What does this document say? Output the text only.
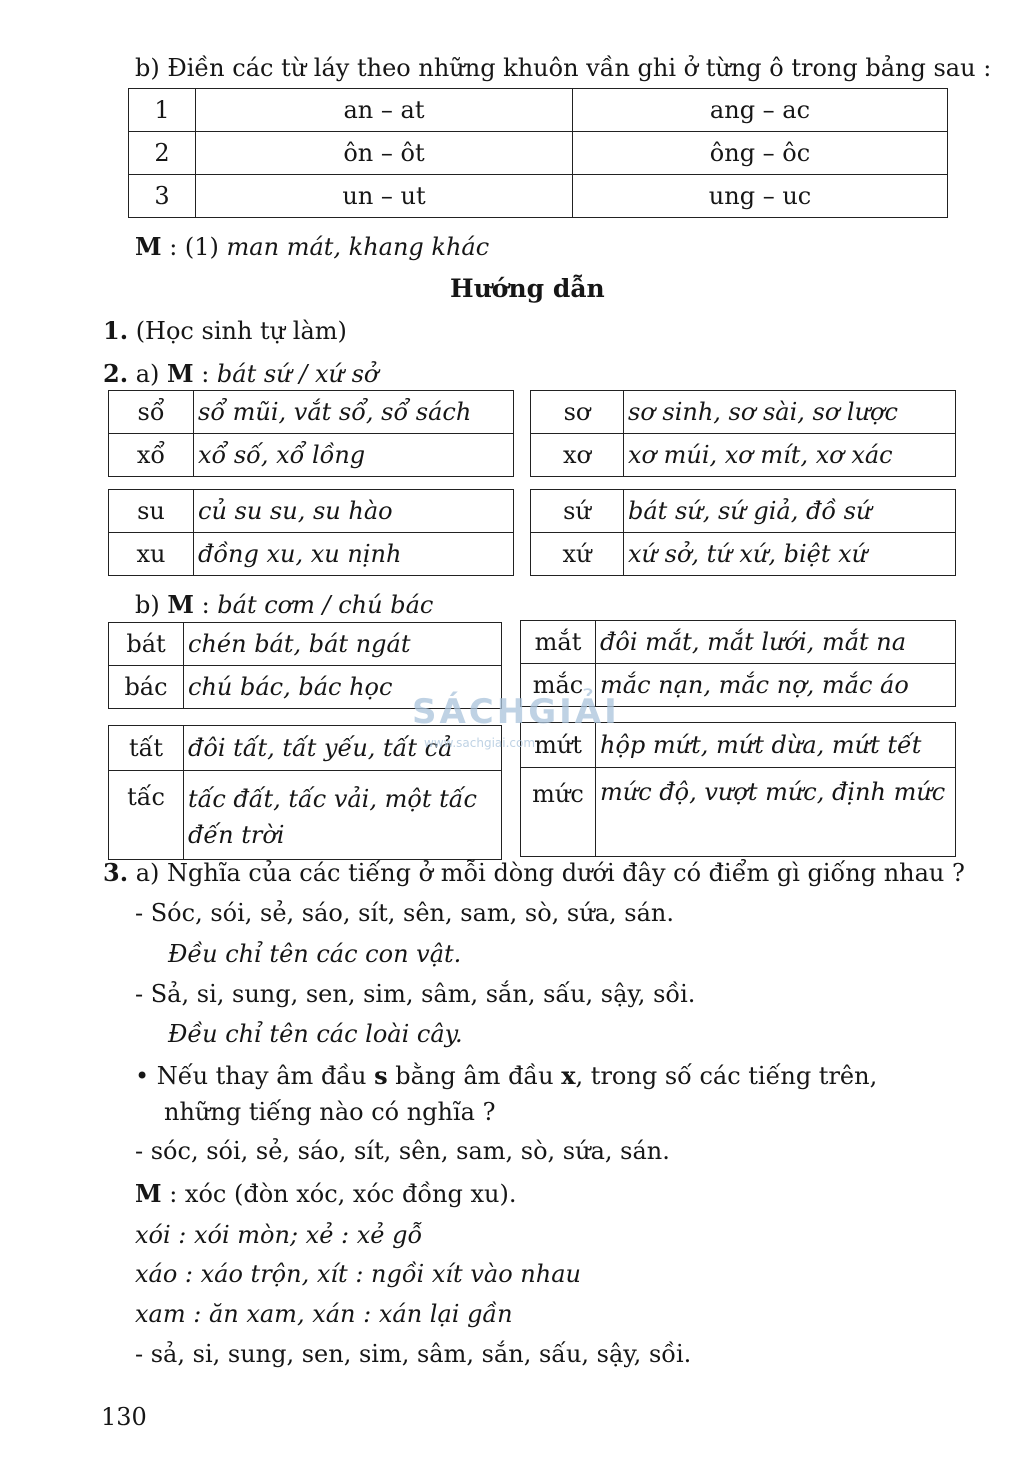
b) Điền các từ láy theo những khuôn vần ghi ở từng ô trong bảng sau :
1	an – at	ang – ac
2	ôn – ôt	ông – ôc
3	un – ut	ung – uc
M : (1) man mát, khang khác
Hướng dẫn
1. (Học sinh tự làm)
2. a) M : bát sứ / xứ sở
sổ	sổ mũi, vắt sổ, sổ sách
xổ	xổ số, xổ lồng
sơ	sơ sinh, sơ sài, sơ lược
xơ	xơ múi, xơ mít, xơ xác
su	củ su su, su hào
xu	đồng xu, xu nịnh
sứ	bát sứ, sứ giả, đồ sứ
xứ	xứ sở, tứ xứ, biệt xứ
b) M : bát cơm / chú bác
bát	chén bát, bát ngát
bác	chú bác, bác học
mắt	đôi mắt, mắt lưới, mắt na
mắc	mắc nạn, mắc nợ, mắc áo
tất	đôi tất, tất yếu, tất cả
tấc	tấc đất, tấc vải, một tấc
đến trời
mứt	hộp mứt, mứt dừa, mứt tết
mức	mức độ, vượt mức, định mức
SÁCHGIẢI
www.sachgiai.com
3. a) Nghĩa của các tiếng ở mỗi dòng dưới đây có điểm gì giống nhau ?
- Sóc, sói, sẻ, sáo, sít, sên, sam, sò, sứa, sán.
Đều chỉ tên các con vật.
- Sả, si, sung, sen, sim, sâm, sắn, sấu, sậy, sồi.
Đều chỉ tên các loài cây.
• Nếu thay âm đầu s bằng âm đầu x, trong số các tiếng trên,
những tiếng nào có nghĩa ?
- sóc, sói, sẻ, sáo, sít, sên, sam, sò, sứa, sán.
M : xóc (đòn xóc, xóc đồng xu).
xói : xói mòn; xẻ : xẻ gỗ
xáo : xáo trộn, xít : ngồi xít vào nhau
xam : ăn xam, xán : xán lại gần
- sả, si, sung, sen, sim, sâm, sắn, sấu, sậy, sồi.
130
